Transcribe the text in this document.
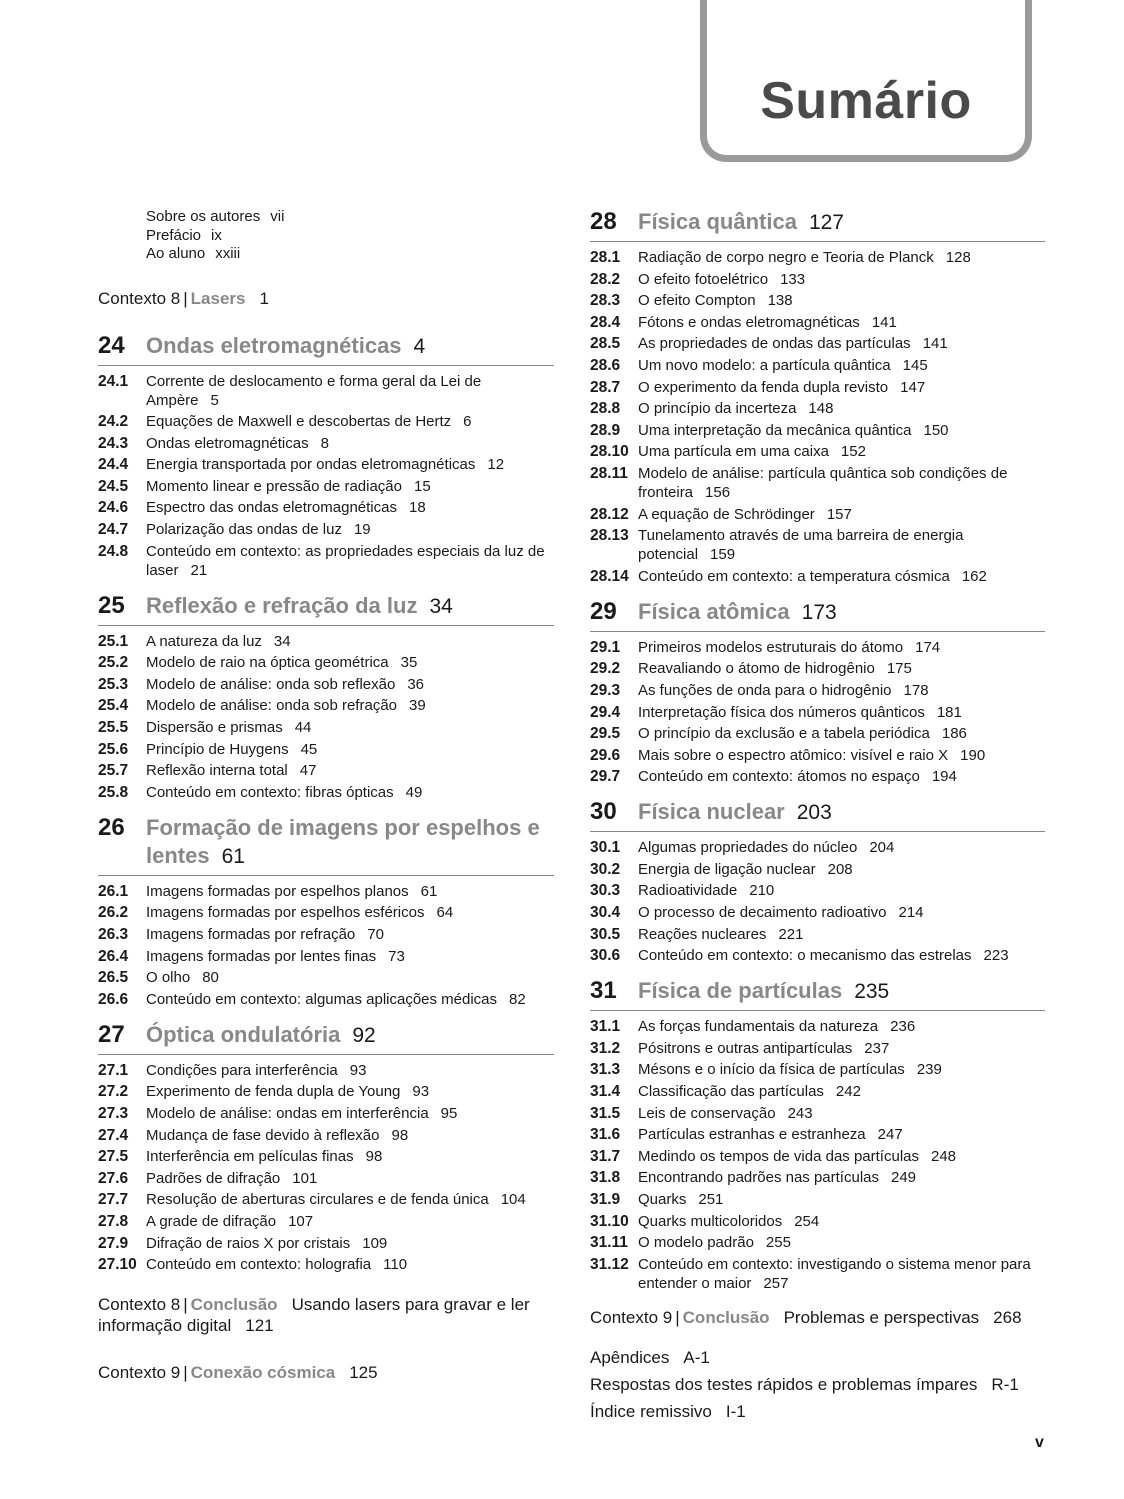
Sumário
Sobre os autores vii
Prefácio ix
Ao aluno xxiii
Contexto 8 | Lasers 1
24 Ondas eletromagnéticas 4
24.1	Corrente de deslocamento e forma geral da Lei de Ampère 5
24.2	Equações de Maxwell e descobertas de Hertz 6
24.3	Ondas eletromagnéticas 8
24.4	Energia transportada por ondas eletromagnéticas 12
24.5	Momento linear e pressão de radiação 15
24.6	Espectro das ondas eletromagnéticas 18
24.7	Polarização das ondas de luz 19
24.8	Conteúdo em contexto: as propriedades especiais da luz de laser 21
25 Reflexão e refração da luz 34
25.1	A natureza da luz 34
25.2	Modelo de raio na óptica geométrica 35
25.3	Modelo de análise: onda sob reflexão 36
25.4	Modelo de análise: onda sob refração 39
25.5	Dispersão e prismas 44
25.6	Princípio de Huygens 45
25.7	Reflexão interna total 47
25.8	Conteúdo em contexto: fibras ópticas 49
26 Formação de imagens por espelhos e lentes 61
26.1	Imagens formadas por espelhos planos 61
26.2	Imagens formadas por espelhos esféricos 64
26.3	Imagens formadas por refração 70
26.4	Imagens formadas por lentes finas 73
26.5	O olho 80
26.6	Conteúdo em contexto: algumas aplicações médicas 82
27 Óptica ondulatória 92
27.1	Condições para interferência 93
27.2	Experimento de fenda dupla de Young 93
27.3	Modelo de análise: ondas em interferência 95
27.4	Mudança de fase devido à reflexão 98
27.5	Interferência em películas finas 98
27.6	Padrões de difração 101
27.7	Resolução de aberturas circulares e de fenda única 104
27.8	A grade de difração 107
27.9	Difração de raios X por cristais 109
27.10 Conteúdo em contexto: holografia 110
Contexto 8 | Conclusão Usando lasers para gravar e ler informação digital 121
Contexto 9 | Conexão cósmica 125
28 Física quântica 127
28.1	Radiação de corpo negro e Teoria de Planck 128
28.2	O efeito fotoelétrico 133
28.3	O efeito Compton 138
28.4	Fótons e ondas eletromagnéticas 141
28.5	As propriedades de ondas das partículas 141
28.6	Um novo modelo: a partícula quântica 145
28.7	O experimento da fenda dupla revisto 147
28.8	O princípio da incerteza 148
28.9	Uma interpretação da mecânica quântica 150
28.10 Uma partícula em uma caixa 152
28.11 Modelo de análise: partícula quântica sob condições de fronteira 156
28.12 A equação de Schrödinger 157
28.13 Tunelamento através de uma barreira de energia potencial 159
28.14 Conteúdo em contexto: a temperatura cósmica 162
29 Física atômica 173
29.1	Primeiros modelos estruturais do átomo 174
29.2	Reavaliando o átomo de hidrogênio 175
29.3	As funções de onda para o hidrogênio 178
29.4	Interpretação física dos números quânticos 181
29.5	O princípio da exclusão e a tabela periódica 186
29.6	Mais sobre o espectro atômico: visível e raio X 190
29.7	Conteúdo em contexto: átomos no espaço 194
30 Física nuclear 203
30.1	Algumas propriedades do núcleo 204
30.2	Energia de ligação nuclear 208
30.3	Radioatividade 210
30.4	O processo de decaimento radioativo 214
30.5	Reações nucleares 221
30.6	Conteúdo em contexto: o mecanismo das estrelas 223
31 Física de partículas 235
31.1	As forças fundamentais da natureza 236
31.2	Pósitrons e outras antipartículas 237
31.3	Mésons e o início da física de partículas 239
31.4	Classificação das partículas 242
31.5	Leis de conservação 243
31.6	Partículas estranhas e estranheza 247
31.7	Medindo os tempos de vida das partículas 248
31.8	Encontrando padrões nas partículas 249
31.9	Quarks 251
31.10 Quarks multicoloridos 254
31.11 O modelo padrão 255
31.12 Conteúdo em contexto: investigando o sistema menor para entender o maior 257
Contexto 9 | Conclusão Problemas e perspectivas 268
Apêndices A-1
Respostas dos testes rápidos e problemas ímpares R-1
Índice remissivo I-1
v
